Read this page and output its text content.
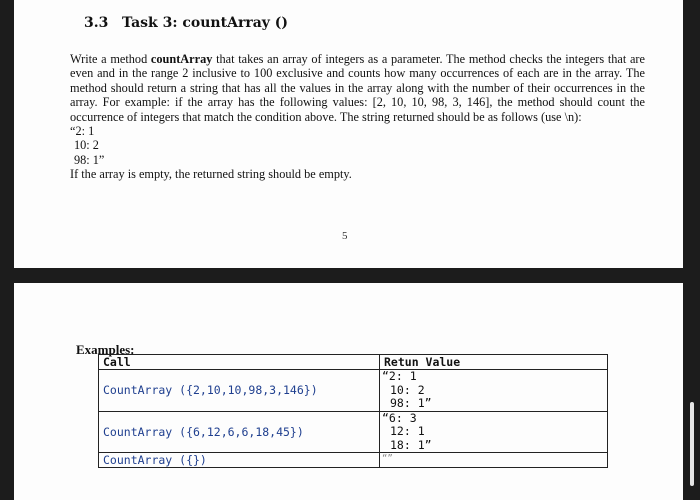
3.3 Task 3: countArray ()

Write a method countArray that takes an array of integers as a parameter. The method checks the integers that are even and in the range 2 inclusive to 100 exclusive and counts how many occurrences of each are in the array. The method should return a string that has all the values in the array along with the number of their occurrences in the array. For example: if the array has the following values: [2, 10, 10, 98, 3, 146], the method should count the occurrence of integers that match the condition above. The string returned should be as follows (use \n):

“2: 1

10: 2

98: 1”

If the array is empty, the returned string should be empty.

5
Examples:
Call	Retun Value
CountArray ({2,10,10,98,3,146})	“2: 1
10: 2
98: 1”

CountArray ({6,12,6,6,18,45})	“6: 3
12: 1
18: 1”

CountArray ({})	“”
